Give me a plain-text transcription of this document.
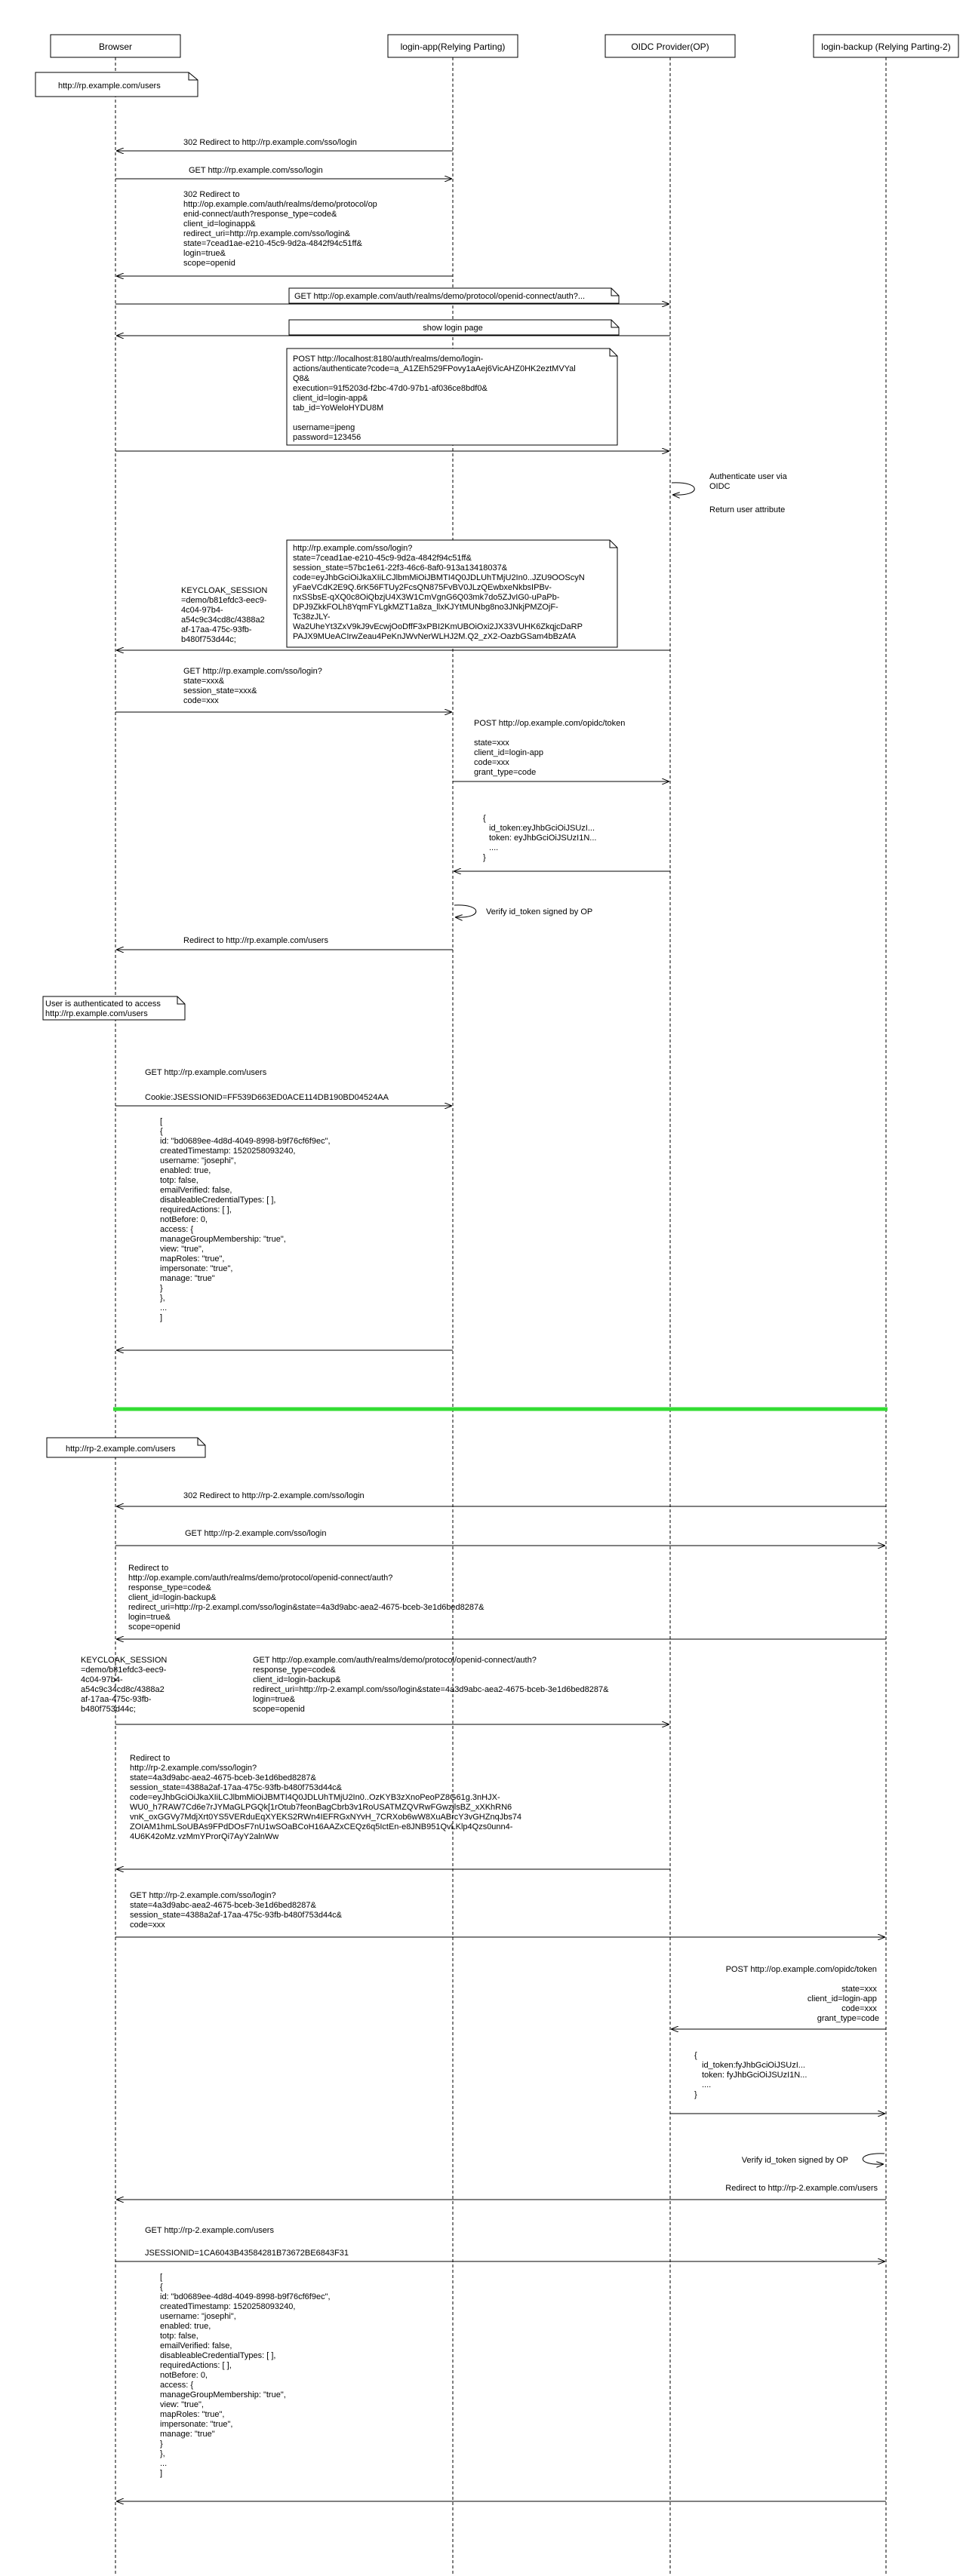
Browser	login-app(Relying Parting)	OIDC Provider(OP)	login-backup (Relying Parting-2)
http://rp.example.com/users
302 Redirect to http://rp.example.com/sso/login
GET http://rp.example.com/sso/login
302 Redirect to http://op.example.com/auth/realms/demo/protocol/op enid-connect/auth?response_type=code& client_id=loginapp& redirect_uri=http://rp.example.com/sso/login& state=7cead1ae-e210-45c9-9d2a-4842f94c51ff& login=true& scope=openid
GET http://op.example.com/auth/realms/demo/protocol/openid-connect/auth?...
show login page
POST http://localhost:8180/auth/realms/demo/login- actions/authenticate?code=a_A1ZEh529FPovy1aAej6VicAHZ0HK2eztMVYal Q8& execution=91f5203d-f2bc-47d0-97b1-af036ce8bdf0& client_id=login-app& tab_id=YoWeloHYDU8M username=jpeng password=123456
Authenticate user via OIDC Return user attribute
http://rp.example.com/sso/login? state=7cead1ae-e210-45c9-9d2a-4842f94c51ff& session_state=57bc1e61-22f3-46c6-8af0-913a13418037& code=eyJhbGciOiJkaXIiLCJlbmMiOiJBMTI4Q0JDLUhTMjU2In0..JZU9OOScyN yFaeVCdK2E9Q.6rK56FTUy2FcsQN875FvBV0JLzQEwbxeNkbsIPBv- nxSSbsE-qXQ0c8OiQbzjU4X3W1CmVgnG6Q03mk7do5ZJvIG0-uPaPb- DPJ9ZkkFOLh8YqmFYLgkMZT1a8za_llxKJYtMUNbg8no3JNkjPMZOjF- Tc38zJLY- Wa2UheYt3ZxV9kJ9vEcwjOoDffF3xPBI2KmUBOiOxi2JX33VUHK6ZkqjcDaRP PAJX9MUeACIrwZeau4PeKnJWvNerWLHJ2M.Q2_zX2-OazbGSam4bBzAfA
KEYCLOAK_SESSION =demo/b81efdc3-eec9- 4c04-97b4- a54c9c34cd8c/4388a2 af-17aa-475c-93fb- b480f753d44c;
GET http://rp.example.com/sso/login? state=xxx& session_state=xxx& code=xxx
POST http://op.example.com/opidc/token state=xxx client_id=login-app code=xxx grant_type=code
{ id_token:eyJhbGciOiJSUzI... token: eyJhbGciOiJSUzI1N... .... }
Verify id_token signed by OP
Redirect to http://rp.example.com/users
User is authenticated to access http://rp.example.com/users
GET http://rp.example.com/users Cookie:JSESSIONID=FF539D663ED0ACE114DB190BD04524AA
[ { id: "bd0689ee-4d8d-4049-8998-b9f76cf6f9ec", createdTimestamp: 1520258093240, username: "josephi", enabled: true, totp: false, emailVerified: false, disableableCredentialTypes: [ ], requiredActions: [ ], notBefore: 0, access: { manageGroupMembership: "true", view: "true", mapRoles: "true", impersonate: "true", manage: "true" } }, ... ]
http://rp-2.example.com/users
302 Redirect to http://rp-2.example.com/sso/login
GET http://rp-2.example.com/sso/login
Redirect to http://op.example.com/auth/realms/demo/protocol/openid-connect/auth? response_type=code& client_id=login-backup& redirect_uri=http://rp-2.exampl.com/sso/login&state=4a3d9abc-aea2-4675-bceb-3e1d6bed8287& login=true& scope=openid
KEYCLOAK_SESSION =demo/b81efdc3-eec9- 4c04-97b4- a54c9c34cd8c/4388a2 af-17aa-475c-93fb- b480f753d44c;
GET http://op.example.com/auth/realms/demo/protocol/openid-connect/auth? response_type=code& client_id=login-backup& redirect_uri=http://rp-2.exampl.com/sso/login&state=4a3d9abc-aea2-4675-bceb-3e1d6bed8287& login=true& scope=openid
Redirect to http://rp-2.example.com/sso/login? state=4a3d9abc-aea2-4675-bceb-3e1d6bed8287& session_state=4388a2af-17aa-475c-93fb-b480f753d44c& code=eyJhbGciOiJkaXIiLCJlbmMiOiJBMTI4Q0JDLUhTMjU2In0..OzKYB3zXnoPeoPZ8G61g.3nHJX- WU0_h7RAW7Cd6e7rJYMaGLPGQk[1rOtub7feonBagCbrb3v1RoUSATMZQVRwFGwzjlsBZ_xXKhRN6 vnK_oxGGVy7MdjXrt0YS5VERduEqXYEKS2RWn4IEFRGxNYvH_7CRXob6wW8XuABrcY3vGHZnqJbs74 ZOIAM1hmLSoUBAs9FPdDOsF7nU1wSOaBCoH16AAZxCEQz6q5IctEn-e8JNB951QvLKlp4Qzs0unn4- 4U6K42oMz.vzMmYProrQi7AyY2alnWw
GET http://rp-2.example.com/sso/login? state=4a3d9abc-aea2-4675-bceb-3e1d6bed8287& session_state=4388a2af-17aa-475c-93fb-b480f753d44c& code=xxx
POST http://op.example.com/opidc/token state=xxx client_id=login-app code=xxx grant_type=code
{ id_token:fyJhbGciOiJSUzI... token: fyJhbGciOiJSUzI1N... .... }
Verify id_token signed by OP
Redirect to http://rp-2.example.com/users
GET http://rp-2.example.com/users JSESSIONID=1CA6043B43584281B73672BE6843F31
[ { id: "bd0689ee-4d8d-4049-8998-b9f76cf6f9ec", createdTimestamp: 1520258093240, username: "josephi", enabled: true, totp: false, emailVerified: false, disableableCredentialTypes: [ ], requiredActions: [ ], notBefore: 0, access: { manageGroupMembership: "true", view: "true", mapRoles: "true", impersonate: "true", manage: "true" } }, ... ]
